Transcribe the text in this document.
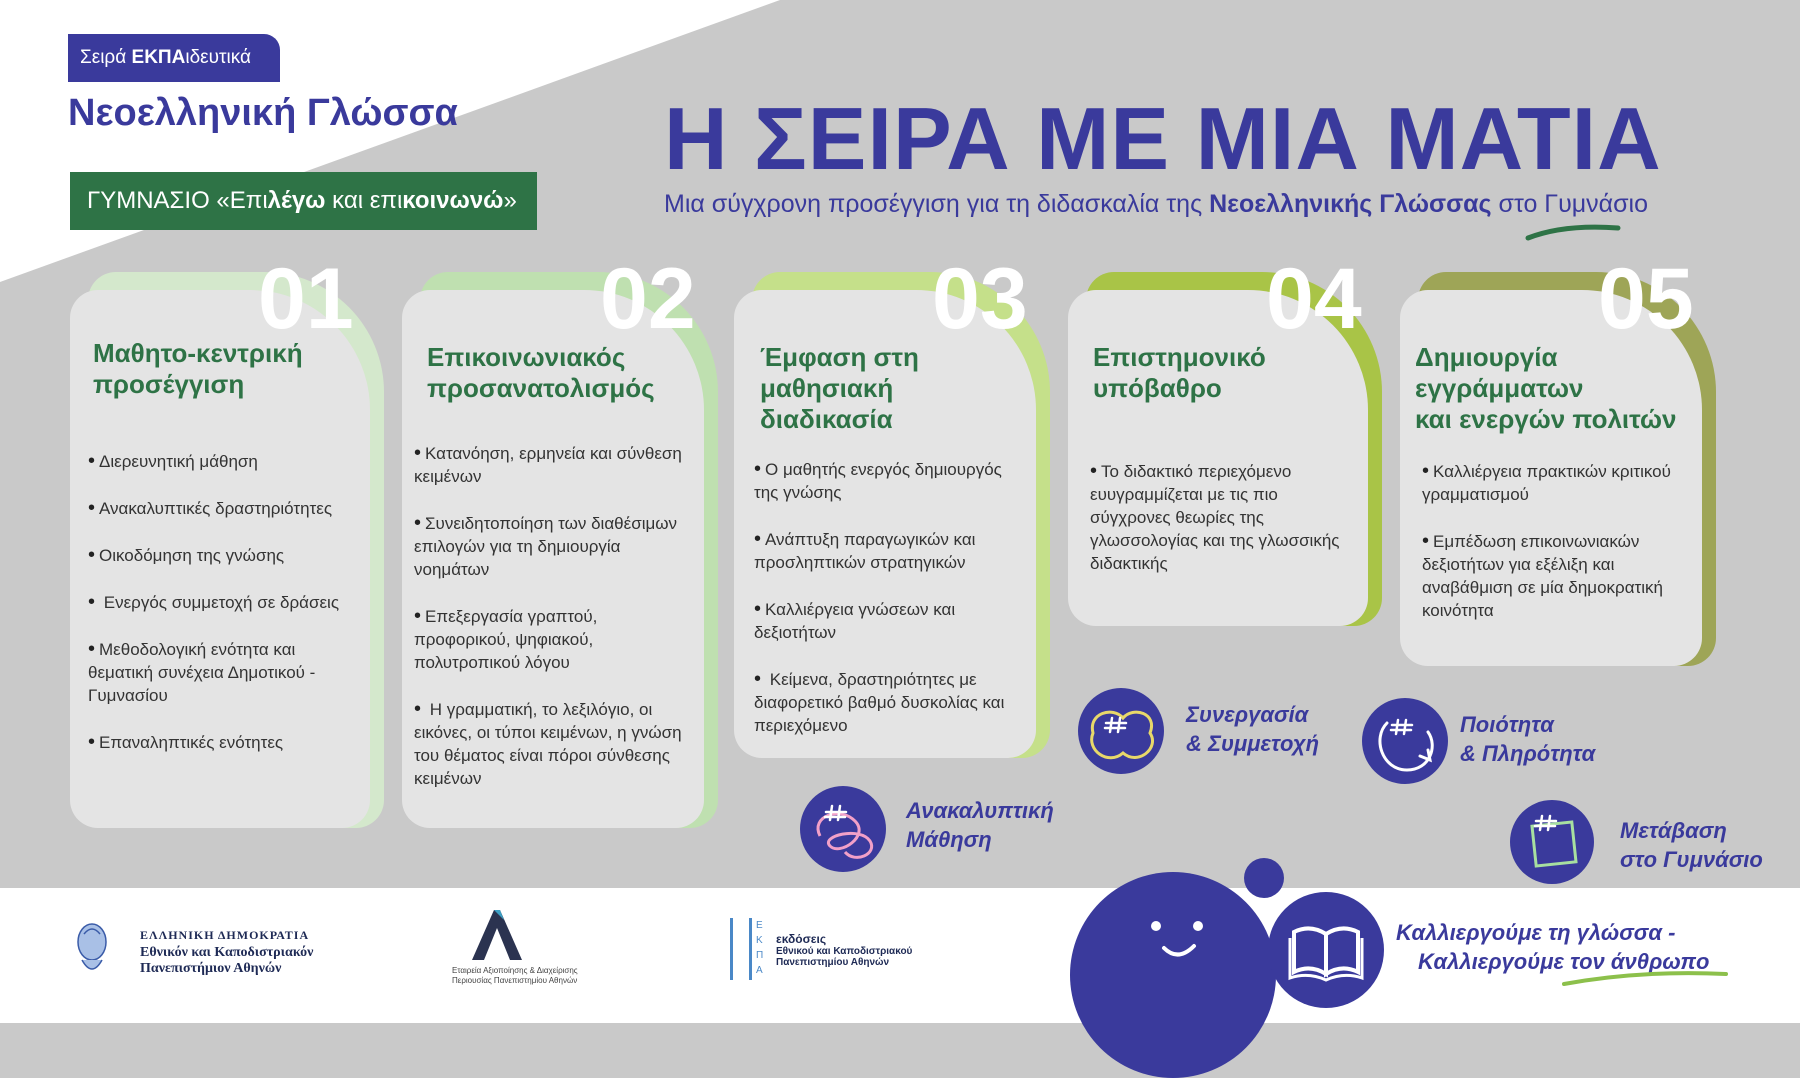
Σειρά ΕΚΠΑιδευτικά
Νεοελληνική Γλώσσα
ΓΥΜΝΑΣΙΟ «Επιλέγω και επικοινωνώ»
Η ΣΕΙΡΑ ΜΕ ΜΙΑ ΜΑΤΙΑ
Μια σύγχρονη προσέγγιση για τη διδασκαλία της Νεοελληνικής Γλώσσας στο Γυμνάσιο
01
Μαθητο-κεντρική
προσέγγιση
• Διερευνητική μάθηση
• Ανακαλυπτικές δραστηριότητες
• Οικοδόμηση της γνώσης
• Ενεργός συμμετοχή σε δράσεις
• Μεθοδολογική ενότητα και θεματική συνέχεια Δημοτικού - Γυμνασίου
• Επαναληπτικές ενότητες
02
Επικοινωνιακός
προσανατολισμός
• Κατανόηση, ερμηνεία και σύνθεση κειμένων
• Συνειδητοποίηση των διαθέσιμων επιλογών για τη δημιουργία νοημάτων
• Επεξεργασία γραπτού, προφορικού, ψηφιακού, πολυτροπικού λόγου
• Η γραμματική, το λεξιλόγιο, οι εικόνες, οι τύποι κειμένων, η γνώση του θέματος είναι πόροι σύνθεσης κειμένων
03
Έμφαση στη
μαθησιακή
διαδικασία
• Ο μαθητής ενεργός δημιουργός της γνώσης
• Ανάπτυξη παραγωγικών και προσληπτικών στρατηγικών
• Καλλιέργεια γνώσεων και δεξιοτήτων
• Κείμενα, δραστηριότητες με διαφορετικό βαθμό δυσκολίας και περιεχόμενο
04
Επιστημονικό
υπόβαθρο
• Το διδακτικό περιεχόμενο ευυγραμμίζεται με τις πιο σύγχρονες θεωρίες της γλωσσολογίας και της γλωσσικής διδακτικής
05
Δημιουργία
εγγράμματων
και ενεργών πολιτών
• Καλλιέργεια πρακτικών κριτικού γραμματισμού
• Εμπέδωση επικοινωνιακών δεξιοτήτων για εξέλιξη και αναβάθμιση σε μία δημοκρατική κοινότητα
Ανακαλυπτική
Μάθηση
Συνεργασία
& Συμμετοχή
Ποιότητα
& Πληρότητα
Μετάβαση
στο Γυμνάσιο
Καλλιεργούμε τη γλώσσα -
Καλλιεργούμε τον άνθρωπο
ΕΛΛΗΝΙΚΗ ΔΗΜΟΚΡΑΤΙΑ
Εθνικόν και Καποδιστριακόν
Πανεπιστήμιον Αθηνών	Εταιρεία Αξιοποίησης & Διαχείρισης
Περιουσίας Πανεπιστημίου Αθηνών
ΕΚΠΑ
εκδόσεις
Εθνικού και Καποδιστριακού
Πανεπιστημίου Αθηνών
